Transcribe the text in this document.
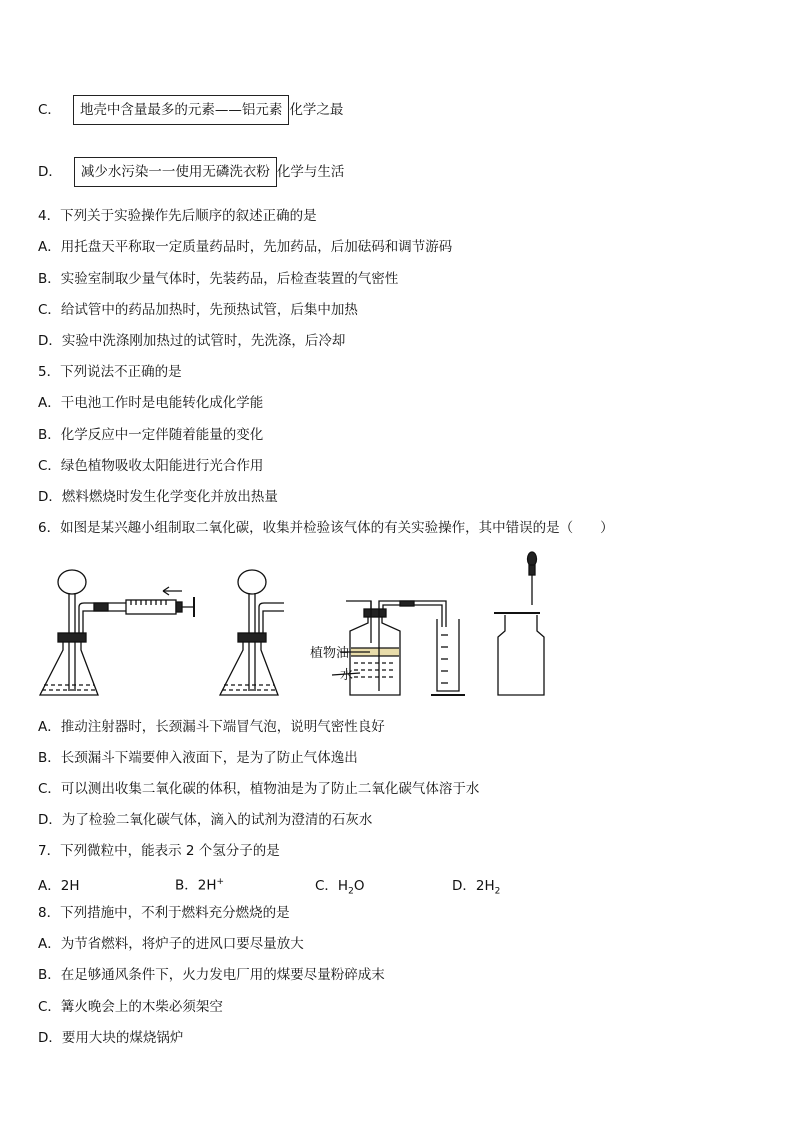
C． 地壳中含量最多的元素——铝元素 化学之最
D． 减少水污染一一使用无磷洗衣粉 化学与生活
4．下列关于实验操作先后顺序的叙述正确的是
A．用托盘天平称取一定质量药品时，先加药品，后加砝码和调节游码
B．实验室制取少量气体时，先装药品，后检查装置的气密性
C．给试管中的药品加热时，先预热试管，后集中加热
D．实验中洗涤刚加热过的试管时，先洗涤，后冷却
5．下列说法不正确的是
A．干电池工作时是电能转化成化学能
B．化学反应中一定伴随着能量的变化
C．绿色植物吸收太阳能进行光合作用
D．燃料燃烧时发生化学变化并放出热量
6．如图是某兴趣小组制取二氧化碳，收集并检验该气体的有关实验操作，其中错误的是（　　）
植物油
水
A．推动注射器时，长颈漏斗下端冒气泡，说明气密性良好
B．长颈漏斗下端要伸入液面下，是为了防止气体逸出
C．可以测出收集二氧化碳的体积，植物油是为了防止二氧化碳气体溶于水
D．为了检验二氧化碳气体，滴入的试剂为澄清的石灰水
7．下列微粒中，能表示 2 个氢分子的是
A．2H	B．2H+	C．$H_2O$	D．$2H_2$
8．下列措施中，不利于燃料充分燃烧的是
A．为节省燃料，将炉子的进风口要尽量放大
B．在足够通风条件下，火力发电厂用的煤要尽量粉碎成末
C．篝火晚会上的木柴必须架空
D．要用大块的煤烧锅炉
